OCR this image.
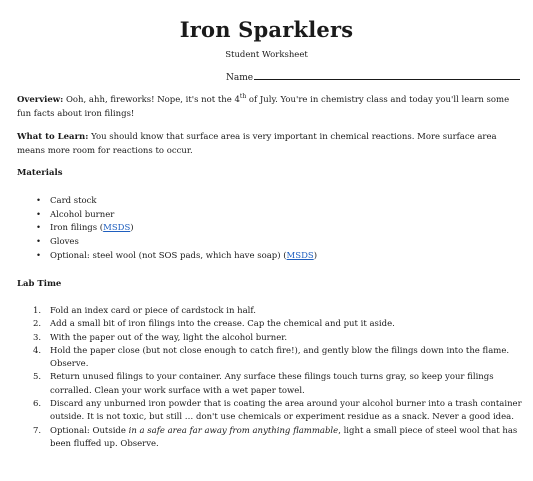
Iron Sparklers
Student Worksheet
Name
Overview: Ooh, ahh, fireworks! Nope, it's not the 4th of July. You're in chemistry class and today you'll learn some fun facts about iron filings!
What to Learn: You should know that surface area is very important in chemical reactions. More surface area means more room for reactions to occur.
Materials
• Card stock
• Alcohol burner
• Iron filings (MSDS)
• Gloves
• Optional: steel wool (not SOS pads, which have soap) (MSDS)
Lab Time
1. Fold an index card or piece of cardstock in half.
2. Add a small bit of iron filings into the crease. Cap the chemical and put it aside.
3. With the paper out of the way, light the alcohol burner.
4. Hold the paper close (but not close enough to catch fire!), and gently blow the filings down into the flame. Observe.
5. Return unused filings to your container. Any surface these filings touch turns gray, so keep your filings corralled. Clean your work surface with a wet paper towel.
6. Discard any unburned iron powder that is coating the area around your alcohol burner into a trash container outside. It is not toxic, but still … don't use chemicals or experiment residue as a snack. Never a good idea.
7. Optional: Outside in a safe area far away from anything flammable, light a small piece of steel wool that has been fluffed up. Observe.
